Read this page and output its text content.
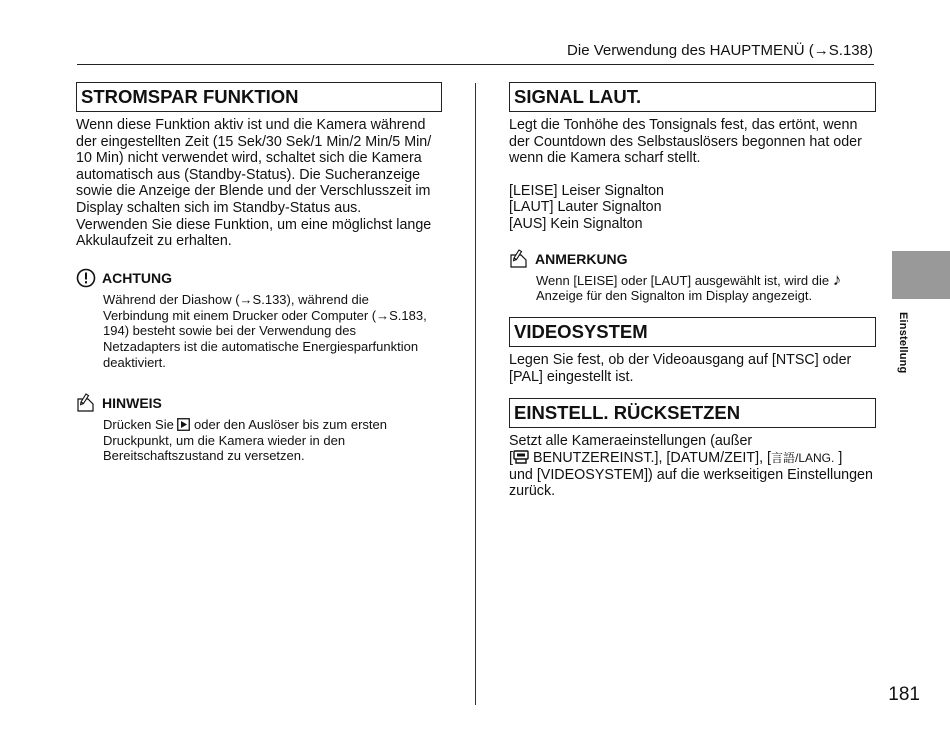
Die Verwendung des HAUPTMENÜ (→S.138)
STROMSPAR FUNKTION

Wenn diese Funktion aktiv ist und die Kamera während
der eingestellten Zeit (15 Sek/30 Sek/1 Min/2 Min/5 Min/
10 Min) nicht verwendet wird, schaltet sich die Kamera
automatisch aus (Standby-Status). Die Sucheranzeige
sowie die Anzeige der Blende und der Verschlusszeit im
Display schalten sich im Standby-Status aus.
Verwenden Sie diese Funktion, um eine möglichst lange
Akkulaufzeit zu erhalten.

ACHTUNG
Während der Diashow (→S.133), während die
Verbindung mit einem Drucker oder Computer (→S.183,
194) besteht sowie bei der Verwendung des
Netzadapters ist die automatische Energiesparfunktion
deaktiviert.
HINWEIS
Drücken Sie  oder den Auslöser bis zum ersten
Druckpunkt, um die Kamera wieder in den
Bereitschaftszustand zu versetzen.
SIGNAL LAUT.

Legt die Tonhöhe des Tonsignals fest, das ertönt, wenn
der Countdown des Selbstauslösers begonnen hat oder
wenn die Kamera scharf stellt.

[LEISE] Leiser Signalton
[LAUT] Lauter Signalton
[AUS] Kein Signalton
ANMERKUNG
Wenn [LEISE] oder [LAUT] ausgewählt ist, wird die ♪
Anzeige für den Signalton im Display angezeigt.
VIDEOSYSTEM

Legen Sie fest, ob der Videoausgang auf [NTSC] oder
[PAL] eingestellt ist.

EINSTELL. RÜCKSETZEN
Setzt alle Kameraeinstellungen (außer
[ BENUTZEREINST.], [DATUM/ZEIT], [言語/LANG. ]
und [VIDEOSYSTEM]) auf die werkseitigen Einstellungen
zurück.
Einstellung
181
